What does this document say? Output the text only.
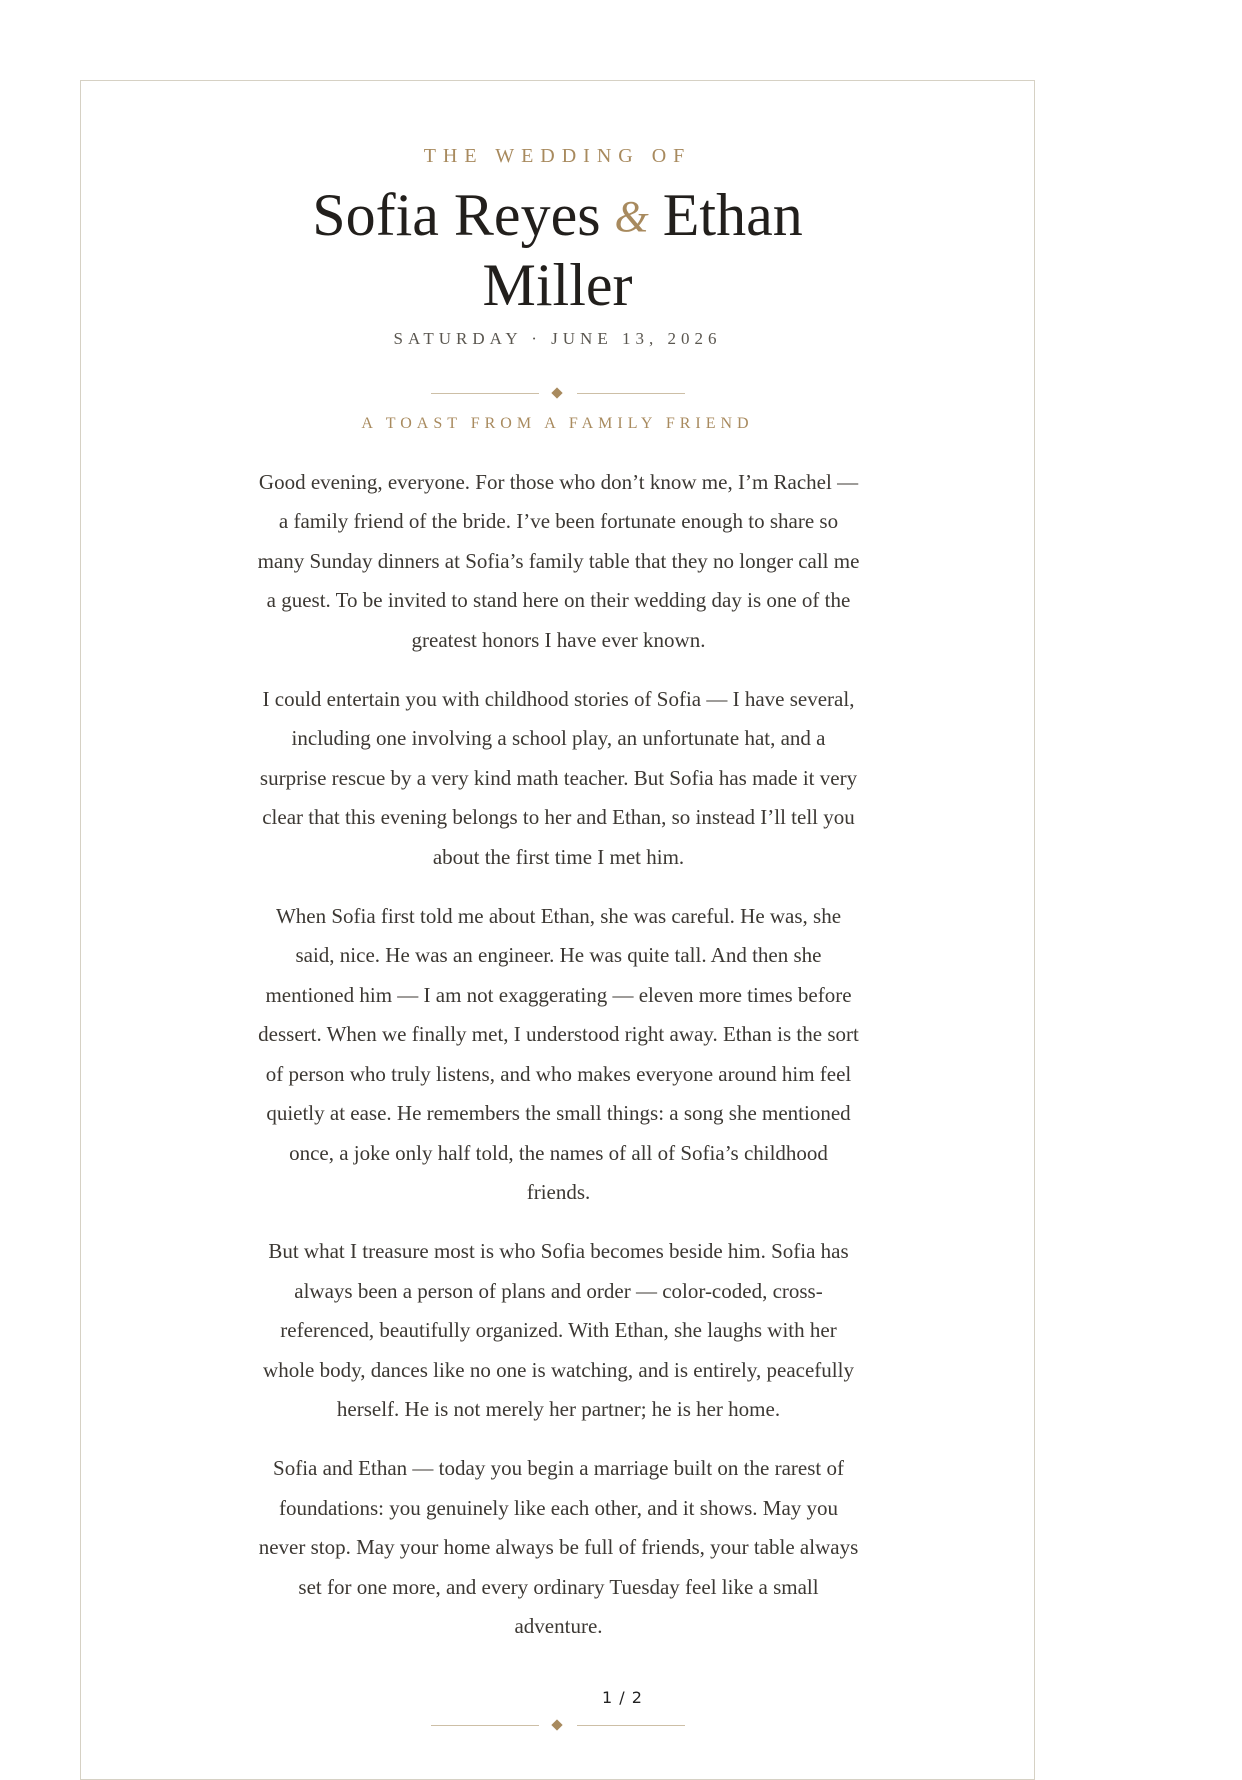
THE WEDDING OF
Sofia Reyes & Ethan
Miller
SATURDAY · JUNE 13, 2026
A TOAST FROM A FAMILY FRIEND

Good evening, everyone. For those who don’t know me, I’m Rachel — a family friend of the bride. I’ve been fortunate enough to share so many Sunday dinners at Sofia’s family table that they no longer call me a guest. To be invited to stand here on their wedding day is one of the greatest honors I have ever known.

I could entertain you with childhood stories of Sofia — I have several, including one involving a school play, an unfortunate hat, and a surprise rescue by a very kind math teacher. But Sofia has made it very clear that this evening belongs to her and Ethan, so instead I’ll tell you about the first time I met him.

When Sofia first told me about Ethan, she was careful. He was, she said, nice. He was an engineer. He was quite tall. And then she mentioned him — I am not exaggerating — eleven more times before dessert. When we finally met, I understood right away. Ethan is the sort of person who truly listens, and who makes everyone around him feel quietly at ease. He remembers the small things: a song she mentioned once, a joke only half told, the names of all of Sofia’s childhood friends.

But what I treasure most is who Sofia becomes beside him. Sofia has always been a person of plans and order — color-coded, cross-referenced, beautifully organized. With Ethan, she laughs with her whole body, dances like no one is watching, and is entirely, peacefully herself. He is not merely her partner; he is her home.

Sofia and Ethan — today you begin a marriage built on the rarest of foundations: you genuinely like each other, and it shows. May you never stop. May your home always be full of friends, your table always set for one more, and every ordinary Tuesday feel like a small adventure.

1 / 2
